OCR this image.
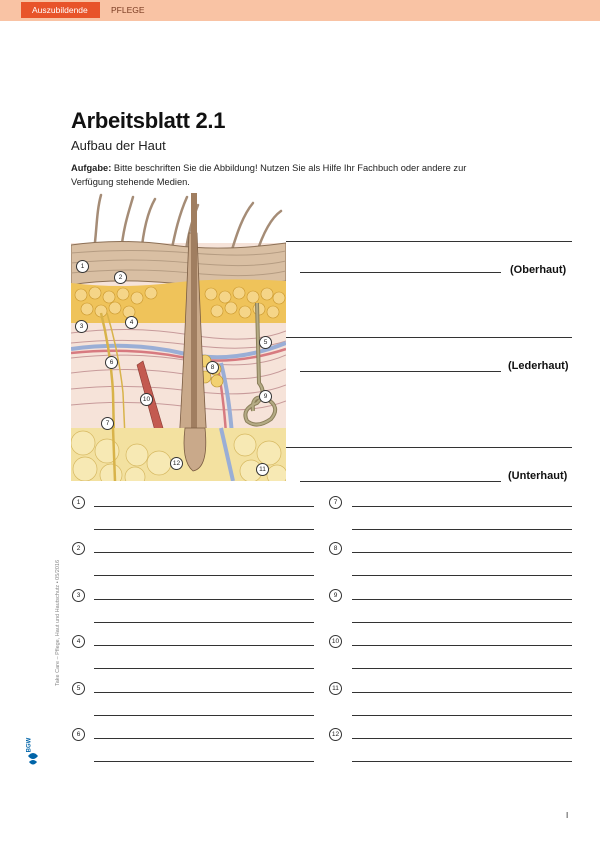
Auszubildende	PFLEGE
Arbeitsblatt 2.1
Aufbau der Haut
Aufgabe: Bitte beschriften Sie die Abbildung! Nutzen Sie als Hilfe Ihr Fachbuch oder andere zur Verfügung stehende Medien.
1
2
3
4
5
6
7
8
9
10
11
12
(Oberhaut)
(Lederhaut)
(Unterhaut)
1
2
3
4
5
6
7
8
9
10
11
12
Take Care – Pflege, Haut und Hautschutz • 05/2016
BGW
I
